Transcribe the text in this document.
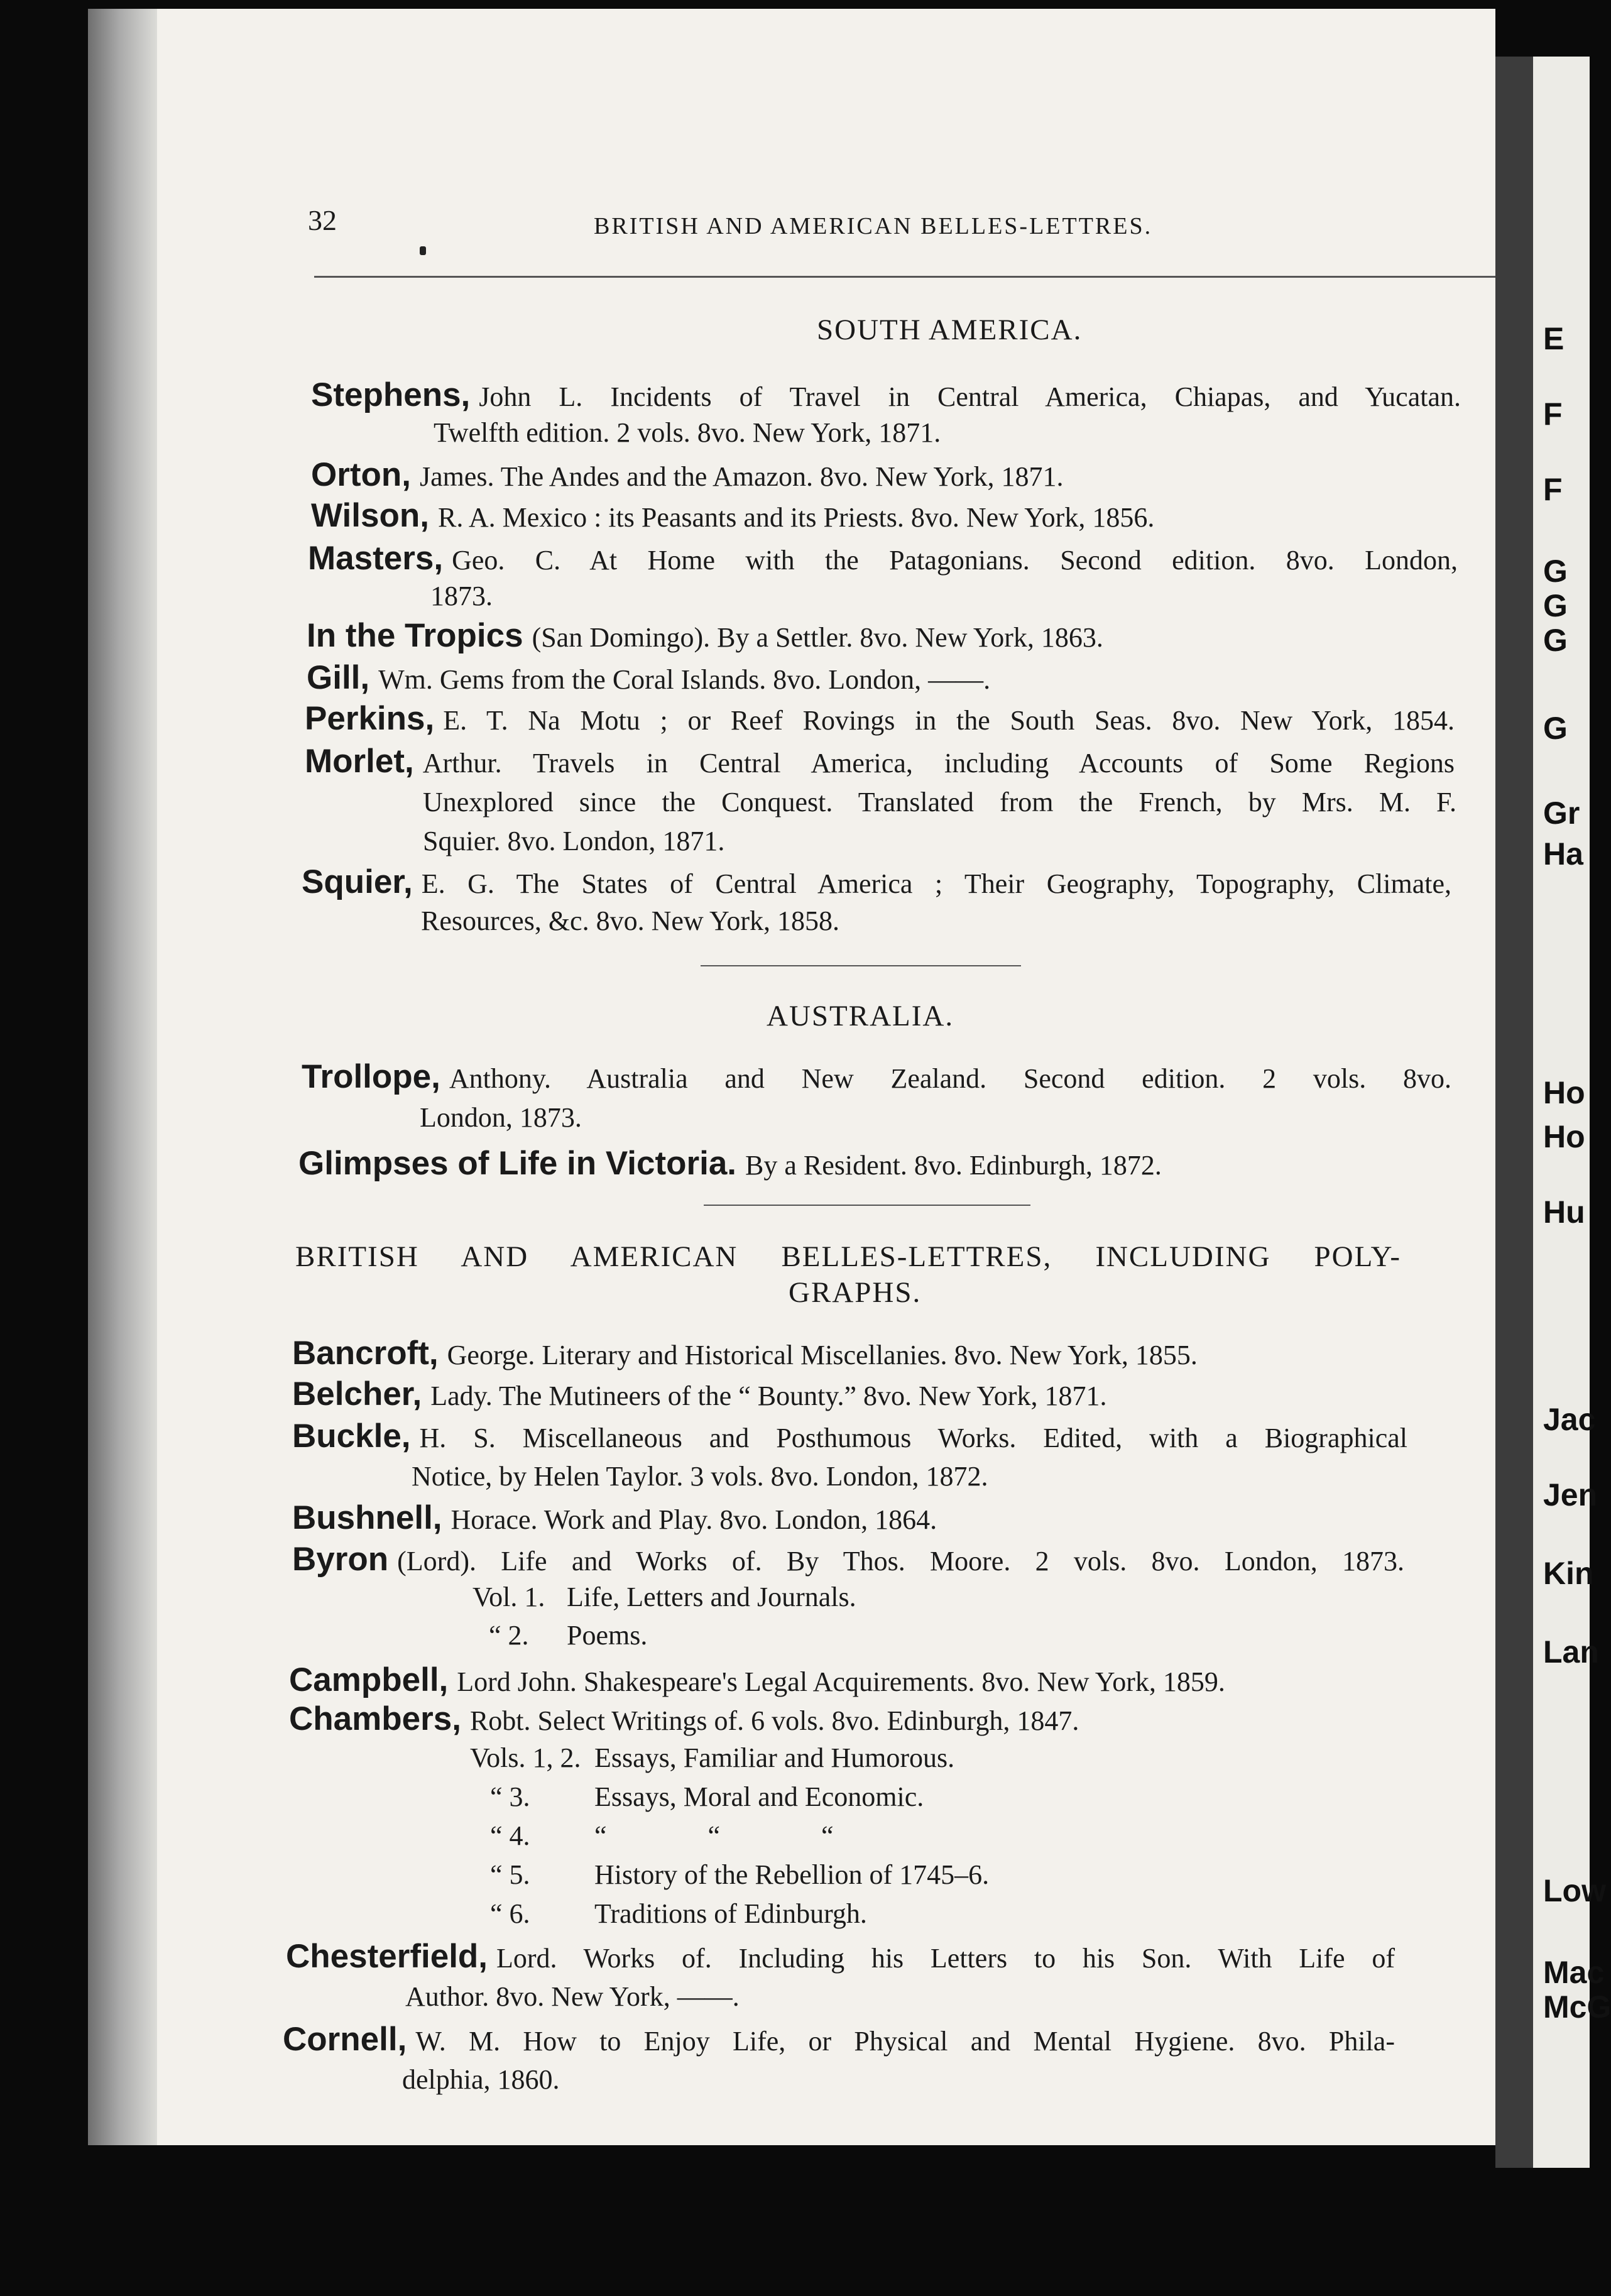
32	BRITISH AND AMERICAN BELLES-LETTRES.
SOUTH AMERICA.
Stephens, John L. Incidents of Travel in Central America, Chiapas, and Yucatan.
Twelfth edition. 2 vols. 8vo. New York, 1871.
Orton, James. The Andes and the Amazon. 8vo. New York, 1871.
Wilson, R. A. Mexico : its Peasants and its Priests. 8vo. New York, 1856.
Masters, Geo. C. At Home with the Patagonians. Second edition. 8vo. London,
1873.
In the Tropics (San Domingo). By a Settler. 8vo. New York, 1863.
Gill, Wm. Gems from the Coral Islands. 8vo. London, ——.
Perkins, E. T. Na Motu ; or Reef Rovings in the South Seas. 8vo. New York, 1854.
Morlet, Arthur. Travels in Central America, including Accounts of Some Regions
Unexplored since the Conquest. Translated from the French, by Mrs. M. F.
Squier. 8vo. London, 1871.
Squier, E. G. The States of Central America ; Their Geography, Topography, Climate,
Resources, &c. 8vo. New York, 1858.
AUSTRALIA.
Trollope, Anthony. Australia and New Zealand. Second edition. 2 vols. 8vo.
London, 1873.
Glimpses of Life in Victoria. By a Resident. 8vo. Edinburgh, 1872.
BRITISH AND AMERICAN BELLES-LETTRES, INCLUDING POLY-
GRAPHS.
Bancroft, George. Literary and Historical Miscellanies. 8vo. New York, 1855.
Belcher, Lady. The Mutineers of the “ Bounty.” 8vo. New York, 1871.
Buckle, H. S. Miscellaneous and Posthumous Works. Edited, with a Biographical
Notice, by Helen Taylor. 3 vols. 8vo. London, 1872.
Bushnell, Horace. Work and Play. 8vo. London, 1864.
Byron (Lord). Life and Works of. By Thos. Moore. 2 vols. 8vo. London, 1873.
Vol. 1. Life, Letters and Journals.
“ 2. Poems.
Campbell, Lord John. Shakespeare's Legal Acquirements. 8vo. New York, 1859.
Chambers, Robt. Select Writings of. 6 vols. 8vo. Edinburgh, 1847.
Vols. 1, 2. Essays, Familiar and Humorous.
“ 3. Essays, Moral and Economic.
“ 4. “ “ “
“ 5. History of the Rebellion of 1745–6.
“ 6. Traditions of Edinburgh.
Chesterfield, Lord. Works of. Including his Letters to his Son. With Life of
Author. 8vo. New York, ——.
Cornell, W. M. How to Enjoy Life, or Physical and Mental Hygiene. 8vo. Phila-
delphia, 1860.
E
F
F
G
G
G
G
Gr
Ha
Ho
Ho
Hu
Jac
Jen
Kin
Lan
Low
Mac
McG
